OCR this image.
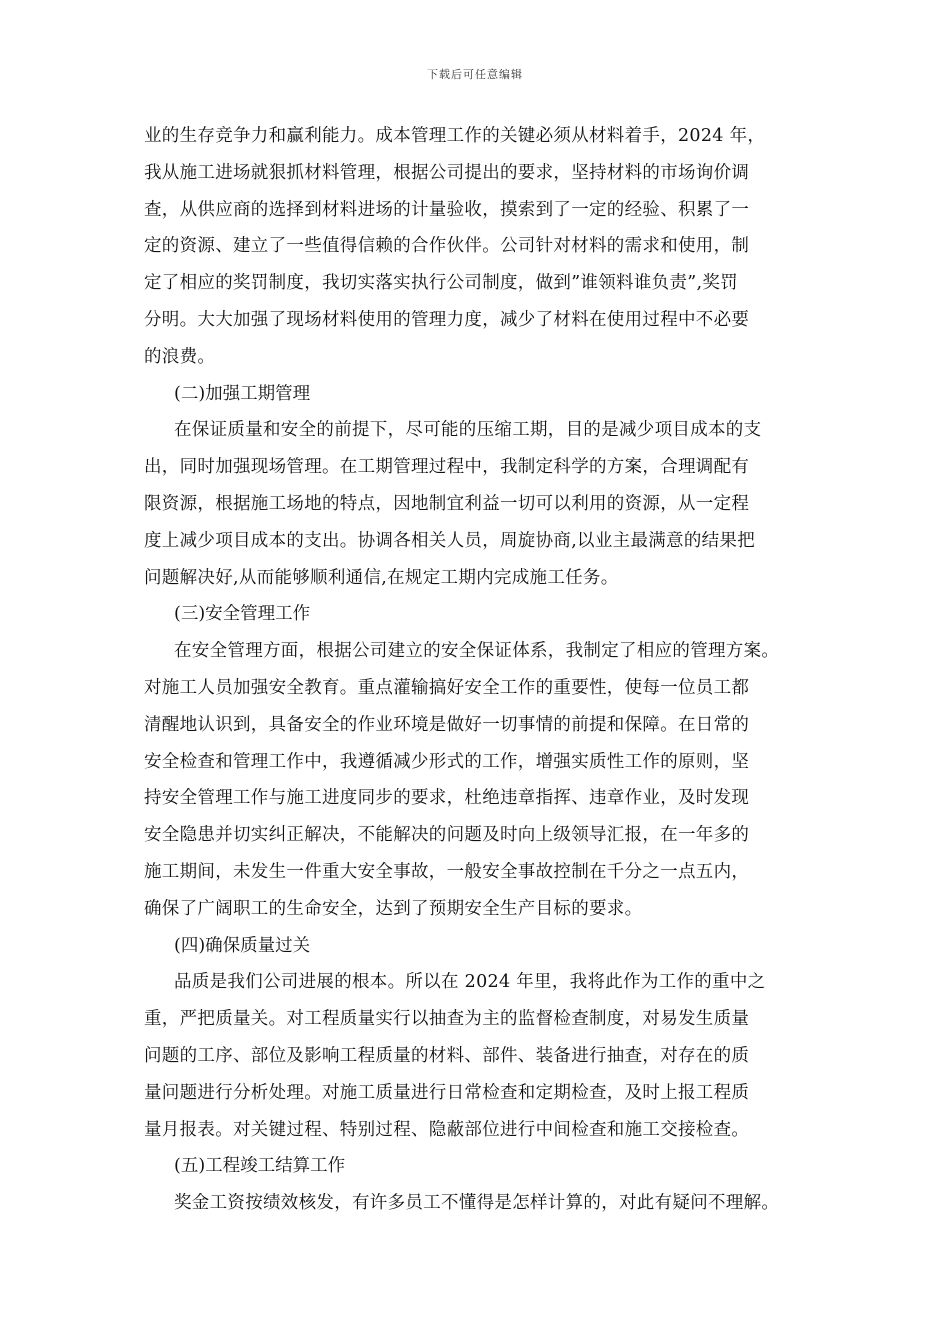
下载后可任意编辑
业的生存竞争力和赢利能力。成本管理工作的关键必须从材料着手，2024 年，
我从施工进场就狠抓材料管理，根据公司提出的要求，坚持材料的市场询价调
查，从供应商的选择到材料进场的计量验收，摸索到了一定的经验、积累了一
定的资源、建立了一些值得信赖的合作伙伴。公司针对材料的需求和使用，制
定了相应的奖罚制度，我切实落实执行公司制度，做到”谁领料谁负责”,奖罚
分明。大大加强了现场材料使用的管理力度，减少了材料在使用过程中不必要
的浪费。
(二)加强工期管理
在保证质量和安全的前提下，尽可能的压缩工期，目的是减少项目成本的支
出，同时加强现场管理。在工期管理过程中，我制定科学的方案，合理调配有
限资源，根据施工场地的特点，因地制宜利益一切可以利用的资源，从一定程
度上减少项目成本的支出。协调各相关人员，周旋协商,以业主最满意的结果把
问题解决好,从而能够顺利通信,在规定工期内完成施工任务。
(三)安全管理工作
在安全管理方面，根据公司建立的安全保证体系，我制定了相应的管理方案。
对施工人员加强安全教育。重点灌输搞好安全工作的重要性，使每一位员工都
清醒地认识到，具备安全的作业环境是做好一切事情的前提和保障。在日常的
安全检查和管理工作中，我遵循减少形式的工作，增强实质性工作的原则，坚
持安全管理工作与施工进度同步的要求，杜绝违章指挥、违章作业，及时发现
安全隐患并切实纠正解决，不能解决的问题及时向上级领导汇报，在一年多的
施工期间，未发生一件重大安全事故，一般安全事故控制在千分之一点五内，
确保了广阔职工的生命安全，达到了预期安全生产目标的要求。
(四)确保质量过关
品质是我们公司进展的根本。所以在 2024 年里，我将此作为工作的重中之
重，严把质量关。对工程质量实行以抽查为主的监督检查制度，对易发生质量
问题的工序、部位及影响工程质量的材料、部件、装备进行抽查，对存在的质
量问题进行分析处理。对施工质量进行日常检查和定期检查，及时上报工程质
量月报表。对关键过程、特别过程、隐蔽部位进行中间检查和施工交接检查。
(五)工程竣工结算工作
奖金工资按绩效核发，有许多员工不懂得是怎样计算的，对此有疑问不理解。
